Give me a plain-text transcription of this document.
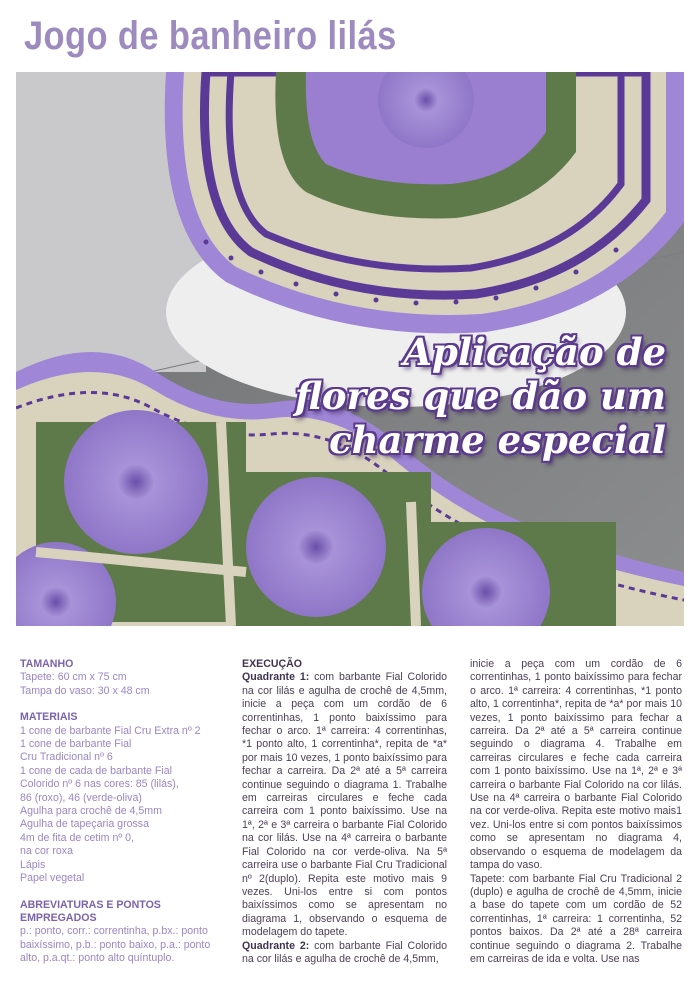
Jogo de banheiro lilás
Aplicação de
flores que dão um
charme especial

TAMANHO

Tapete: 60 cm x 75 cm
Tampa do vaso: 30 x 48 cm

MATERIAIS

1 cone de barbante Fial Cru Extra nº 2
1 cone de barbante Fial
Cru Tradicional nº 6
1 cone de cada de barbante Fial
Colorido nº 6 nas cores: 85 (lilás),
86 (roxo), 46 (verde-oliva)
Agulha para crochê de 4,5mm
Agulha de tapeçaria grossa
4m de fita de cetim nº 0,
na cor roxa
Lápis
Papel vegetal

ABREVIATURAS E PONTOS EMPREGADOS

p.: ponto, corr.: correntinha, p.bx.: ponto baixíssimo, p.b.: ponto baixo, p.a.: ponto alto, p.a.qt.: ponto alto quíntuplo.

EXECUÇÃO

Quadrante 1: com barbante Fial Colorido na cor lilás e agulha de crochê de 4,5mm, inicie a peça com um cordão de 6 correntinhas, 1 ponto baixíssimo para fechar o arco. 1ª carreira: 4 correntinhas, *1 ponto alto, 1 correntinha*, repita de *a* por mais 10 vezes, 1 ponto baixíssimo para fechar a carreira. Da 2ª até a 5ª carreira continue seguindo o diagrama 1. Trabalhe em carreiras circulares e feche cada carreira com 1 ponto baixíssimo. Use na 1ª, 2ª e 3ª carreira o barbante Fial Colorido na cor lilás. Use na 4ª carreira o barbante Fial Colorido na cor verde-oliva. Na 5ª carreira use o barbante Fial Cru Tradicional nº 2(duplo). Repita este motivo mais 9 vezes. Uni-los entre si com pontos baixíssimos como se apresentam no diagrama 1, observando o esquema de modelagem do tapete.
Quadrante 2: com barbante Fial Colorido na cor lilás e agulha de crochê de 4,5mm,
inicie a peça com um cordão de 6 correntinhas, 1 ponto baixíssimo para fechar o arco. 1ª carreira: 4 correntinhas, *1 ponto alto, 1 correntinha*, repita de *a* por mais 10 vezes, 1 ponto baixíssimo para fechar a carreira. Da 2ª até a 5ª carreira continue seguindo o diagrama 4. Trabalhe em carreiras circulares e feche cada carreira com 1 ponto baixíssimo. Use na 1ª, 2ª e 3ª carreira o barbante Fial Colorido na cor lilás. Use na 4ª carreira o barbante Fial Colorido na cor verde-oliva. Repita este motivo mais1 vez. Uni-los entre si com pontos baixíssimos como se apresentam no diagrama 4, observando o esquema de modelagem da tampa do vaso.
Tapete: com barbante Fial Cru Tradicional 2 (duplo) e agulha de crochê de 4,5mm, inicie a base do tapete com um cordão de 52 correntinhas, 1ª carreira: 1 correntinha, 52 pontos baixos. Da 2ª até a 28ª carreira continue seguindo o diagrama 2. Trabalhe em carreiras de ida e volta. Use nas
